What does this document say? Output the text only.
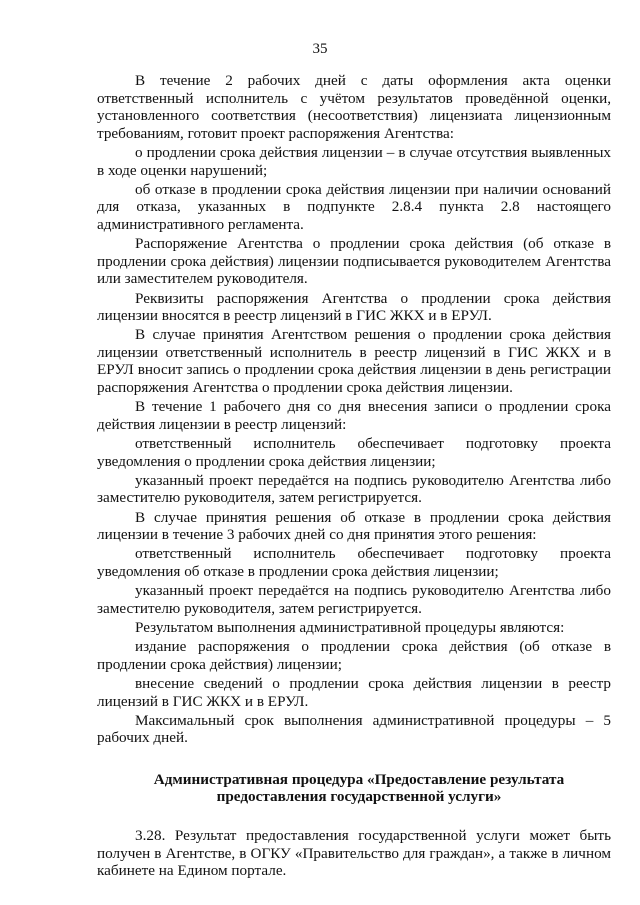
35

В течение 2 рабочих дней с даты оформления акта оценки ответственный исполнитель с учётом результатов проведённой оценки, установленного соответствия (несоответствия) лицензиата лицензионным требованиям, готовит проект распоряжения Агентства:

о продлении срока действия лицензии – в случае отсутствия выявленных в ходе оценки нарушений;

об отказе в продлении срока действия лицензии при наличии оснований для отказа, указанных в подпункте 2.8.4 пункта 2.8 настоящего административного регламента.

Распоряжение Агентства о продлении срока действия (об отказе в продлении срока действия) лицензии подписывается руководителем Агентства или заместителем руководителя.

Реквизиты распоряжения Агентства о продлении срока действия лицензии вносятся в реестр лицензий в ГИС ЖКХ и в ЕРУЛ.

В случае принятия Агентством решения о продлении срока действия лицензии ответственный исполнитель в реестр лицензий в ГИС ЖКХ и в ЕРУЛ вносит запись о продлении срока действия лицензии в день регистрации распоряжения Агентства о продлении срока действия лицензии.

В течение 1 рабочего дня со дня внесения записи о продлении срока действия лицензии в реестр лицензий:

ответственный исполнитель обеспечивает подготовку проекта уведомления о продлении срока действия лицензии;

указанный проект передаётся на подпись руководителю Агентства либо заместителю руководителя, затем регистрируется.

В случае принятия решения об отказе в продлении срока действия лицензии в течение 3 рабочих дней со дня принятия этого решения:

ответственный исполнитель обеспечивает подготовку проекта уведомления об отказе в продлении срока действия лицензии;

указанный проект передаётся на подпись руководителю Агентства либо заместителю руководителя, затем регистрируется.

Результатом выполнения административной процедуры являются:

издание распоряжения о продлении срока действия (об отказе в продлении срока действия) лицензии;

внесение сведений о продлении срока действия лицензии в реестр лицензий в ГИС ЖКХ и в ЕРУЛ.

Максимальный срок выполнения административной процедуры – 5 рабочих дней.

Административная процедура «Предоставление результата
предоставления государственной услуги»

3.28. Результат предоставления государственной услуги может быть получен в Агентстве, в ОГКУ «Правительство для граждан», а также в личном кабинете на Едином портале.
